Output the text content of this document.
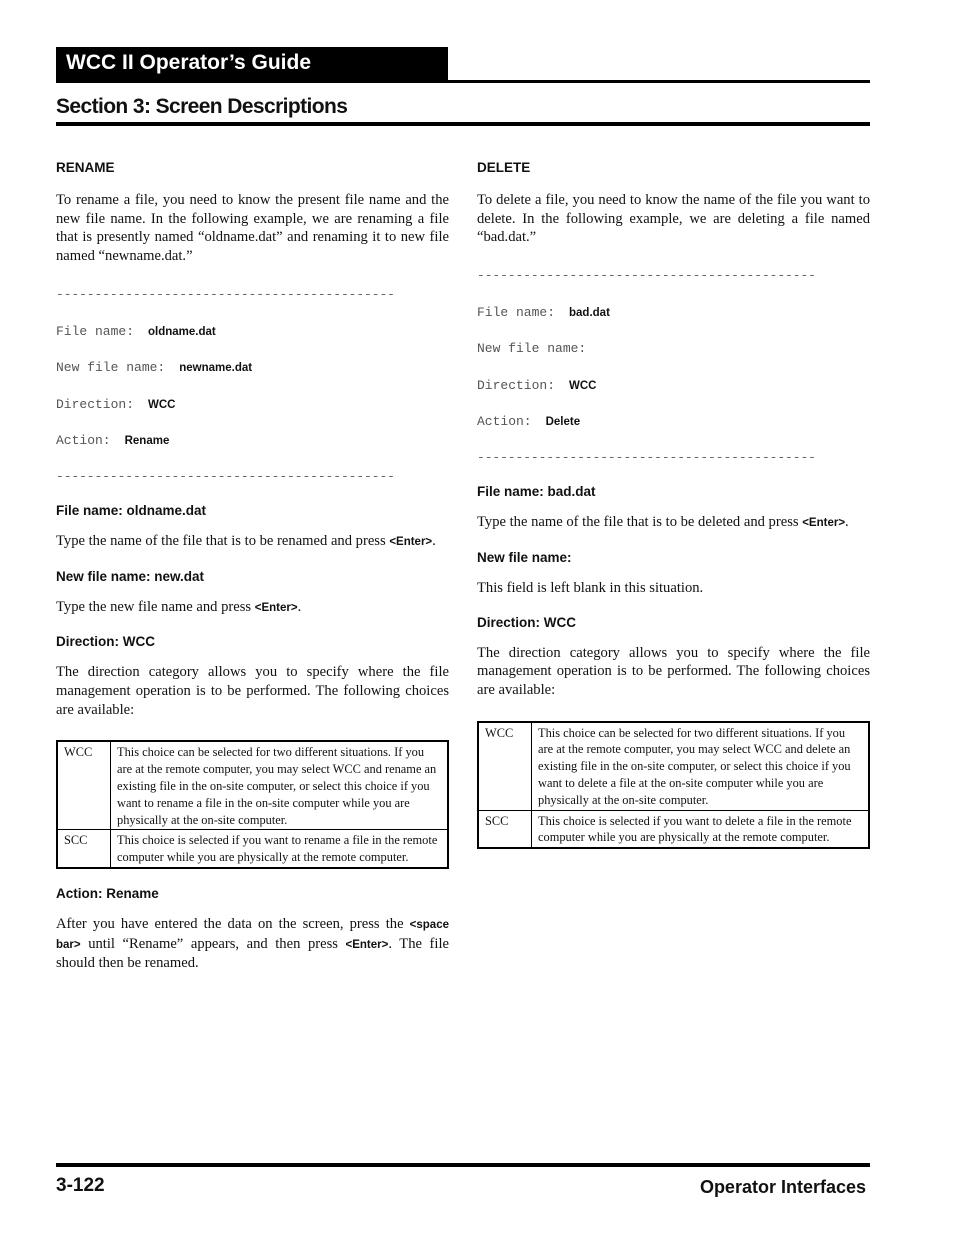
WCC II Operator’s Guide
Section 3: Screen Descriptions

RENAME

To rename a file, you need to know the present file name and the new file name. In the following example, we are renaming a file that is presently named “oldname.dat” and renaming it to new file named “newname.dat.”

--------------------------------------------

File name: oldname.dat

New file name: newname.dat

Direction: WCC

Action: Rename

--------------------------------------------

File name: oldname.dat

Type the name of the file that is to be renamed and press <Enter>.

New file name: new.dat

Type the new file name and press <Enter>.

Direction: WCC

The direction category allows you to specify where the file management operation is to be performed. The following choices are available:

WCC	This choice can be selected for two different situations. If you are at the remote computer, you may select WCC and rename an existing file in the on-site computer, or select this choice if you want to rename a file in the on-site computer while you are physically at the on-site computer.
SCC	This choice is selected if you want to rename a file in the remote computer while you are physically at the remote computer.

Action: Rename

After you have entered the data on the screen, press the <space bar> until “Rename” appears, and then press <Enter>. The file should then be renamed.

DELETE

To delete a file, you need to know the name of the file you want to delete. In the following example, we are deleting a file named “bad.dat.”

--------------------------------------------

File name: bad.dat

New file name:

Direction: WCC

Action: Delete

--------------------------------------------

File name: bad.dat

Type the name of the file that is to be deleted and press <Enter>.

New file name:

This field is left blank in this situation.

Direction: WCC

The direction category allows you to specify where the file management operation is to be performed. The following choices are available:

WCC	This choice can be selected for two different situations. If you are at the remote computer, you may select WCC and delete an existing file in the on-site computer, or select this choice if you want to delete a file at the on-site computer while you are physically at the on-site computer.
SCC	This choice is selected if you want to delete a file in the remote computer while you are physically at the remote computer.
3-122	Operator Interfaces
